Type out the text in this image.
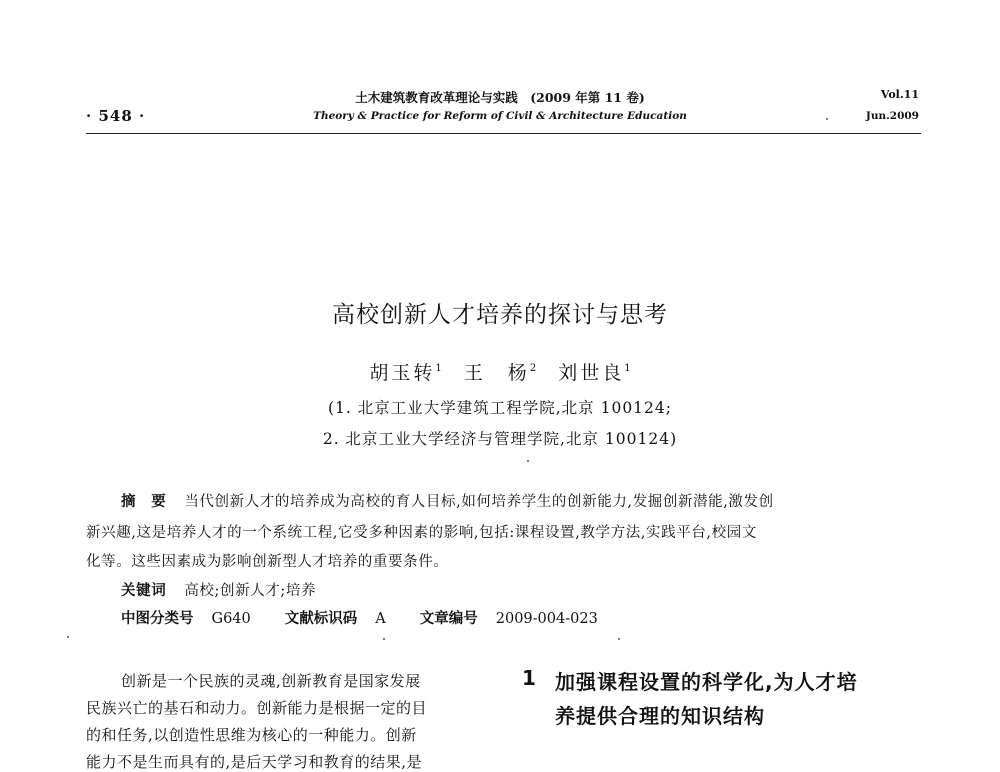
· 548 ·
土木建筑教育改革理论与实践　(2009 年第 11 卷)
Theory & Practice for Reform of Civil & Architecture Education
Vol.11
Jun.2009
高校创新人才培养的探讨与思考
胡玉转$^1$  王　杨$^2$  刘世良$^1$
(1. 北京工业大学建筑工程学院,北京 100124;
2. 北京工业大学经济与管理学院,北京 100124)
摘　要 当代创新人才的培养成为高校的育人目标,如何培养学生的创新能力,发掘创新潜能,激发创
新兴趣,这是培养人才的一个系统工程,它受多种因素的影响,包括:课程设置,教学方法,实践平台,校园文
化等。这些因素成为影响创新型人才培养的重要条件。
关键词 高校;创新人才;培养
中图分类号 G640 文献标识码 A 文章编号 2009-004-023
创新是一个民族的灵魂,创新教育是国家发展
民族兴亡的基石和动力。创新能力是根据一定的目
的和任务,以创造性思维为核心的一种能力。创新
能力不是生而具有的,是后天学习和教育的结果,是
1 加强课程设置的科学化,为人才培
养提供合理的知识结构
